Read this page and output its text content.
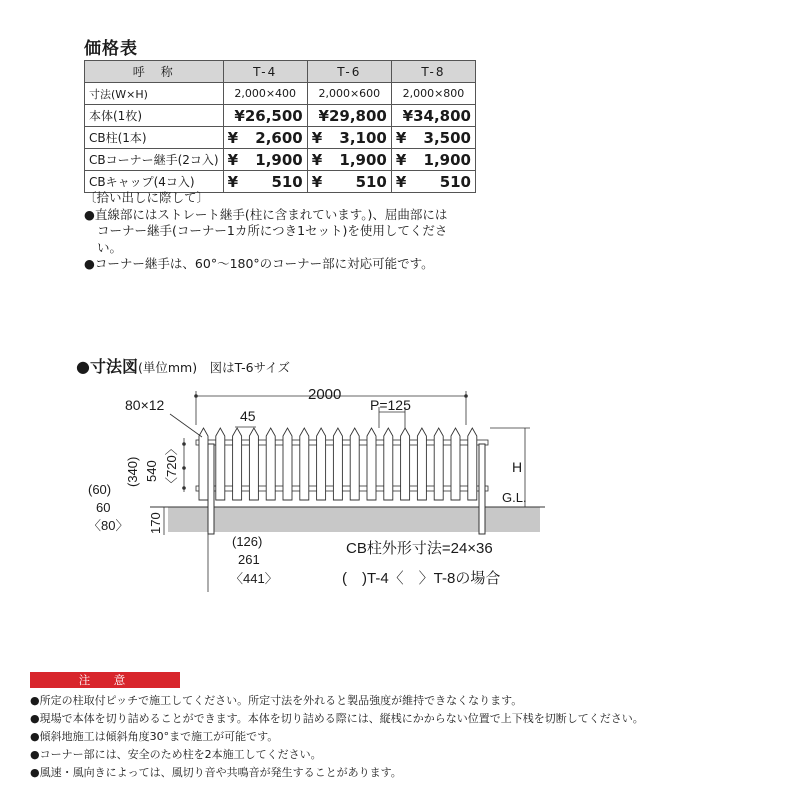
価格表
呼　称	T-4	T-6	T-8
寸法(W×H)	2,000×400	2,000×600	2,000×800
本体(1枚)	¥26,500	¥29,800	¥34,800
CB柱(1本)	¥ 2,600	¥ 3,100	¥ 3,500
CBコーナー継手(2コ入)	¥ 1,900	¥ 1,900	¥ 1,900
CBキャップ(4コ入)	¥ 510	¥ 510	¥ 510
〔拾い出しに際して〕
●直線部にはストレート継手(柱に含まれています。)、屈曲部には
コーナー継手(コーナー1カ所につき1セット)を使用してくださ
い。
●コーナー継手は、60°〜180°のコーナー部に対応可能です。
●寸法図(単位mm)　図はT-6サイズ
2000
P=125
80×12
45
(340) 540 〈720〉
(60)
60
〈80〉 170
(126)
261
〈441〉
H
G.L.
CB柱外形寸法=24×36
(　)T-4〈　〉T-8の場合
注　意
●所定の柱取付ピッチで施工してください。所定寸法を外れると製品強度が維持できなくなります。
●現場で本体を切り詰めることができます。本体を切り詰める際には、縦桟にかからない位置で上下桟を切断してください。
●傾斜地施工は傾斜角度30°まで施工が可能です。
●コーナー部には、安全のため柱を2本施工してください。
●風速・風向きによっては、風切り音や共鳴音が発生することがあります。
